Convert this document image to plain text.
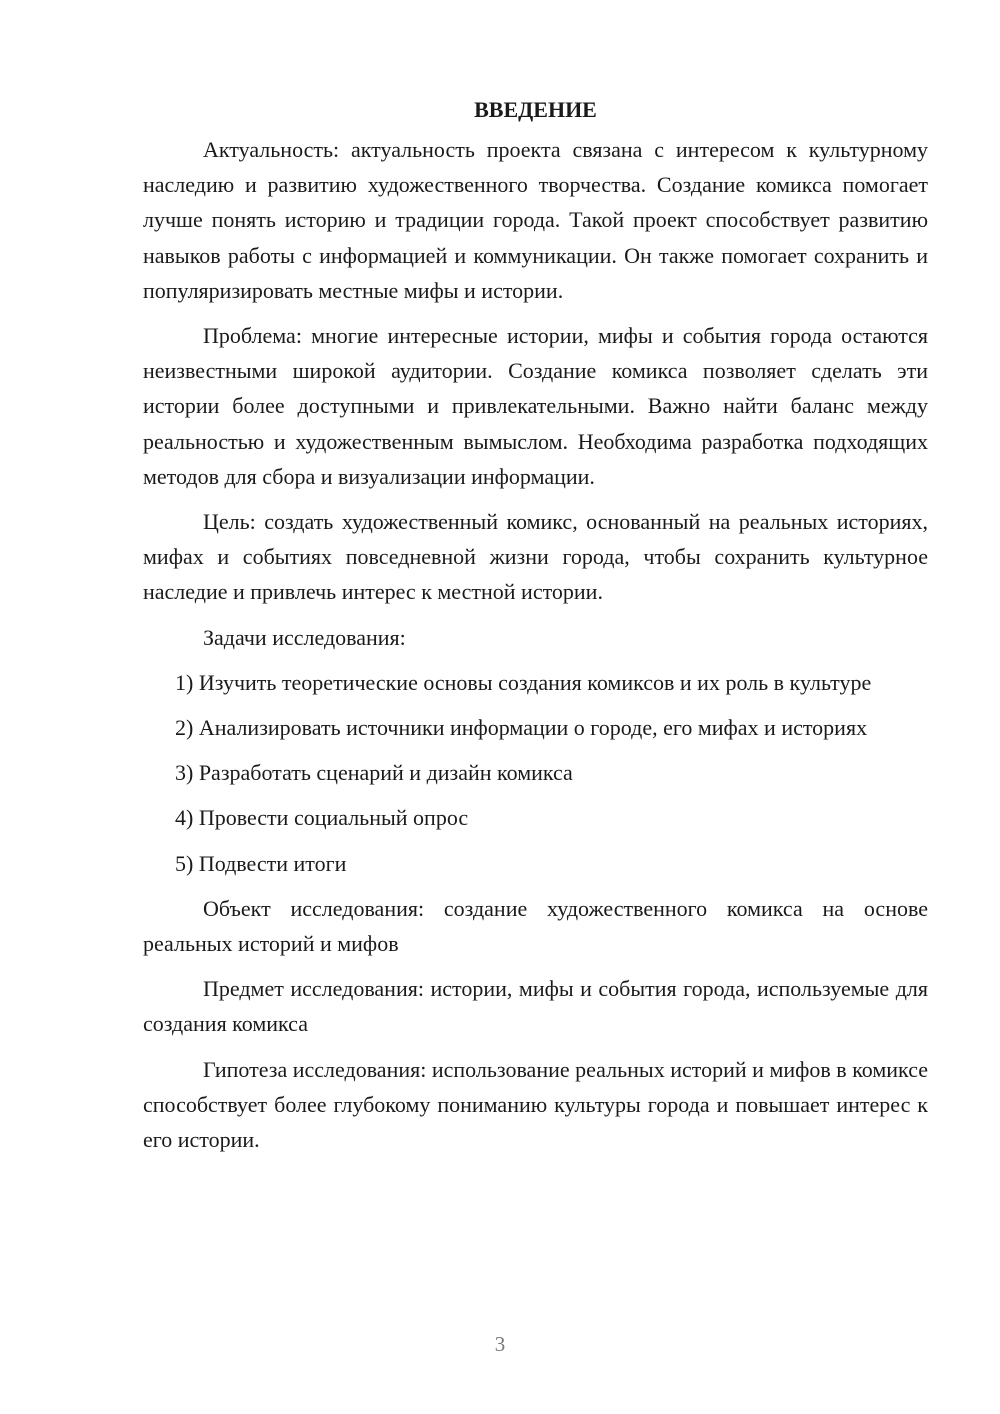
ВВЕДЕНИЕ

Актуальность: актуальность проекта связана с интересом к культурному наследию и развитию художественного творчества. Создание комикса помогает лучше понять историю и традиции города. Такой проект способствует развитию навыков работы с информацией и коммуникации. Он также помогает сохранить и популяризировать местные мифы и истории.

Проблема: многие интересные истории, мифы и события города остаются неизвестными широкой аудитории. Создание комикса позволяет сделать эти истории более доступными и привлекательными. Важно найти баланс между реальностью и художественным вымыслом. Необходима разработка подходящих методов для сбора и визуализации информации.

Цель: создать художественный комикс, основанный на реальных историях, мифах и событиях повседневной жизни города, чтобы сохранить культурное наследие и привлечь интерес к местной истории.

Задачи исследования:

1) Изучить теоретические основы создания комиксов и их роль в культуре

2) Анализировать источники информации о городе, его мифах и историях

3) Разработать сценарий и дизайн комикса

4) Провести социальный опрос

5) Подвести итоги

Объект исследования: создание художественного комикса на основе реальных историй и мифов

Предмет исследования: истории, мифы и события города, используемые для создания комикса

Гипотеза исследования: использование реальных историй и мифов в комиксе способствует более глубокому пониманию культуры города и повышает интерес к его истории.

3
